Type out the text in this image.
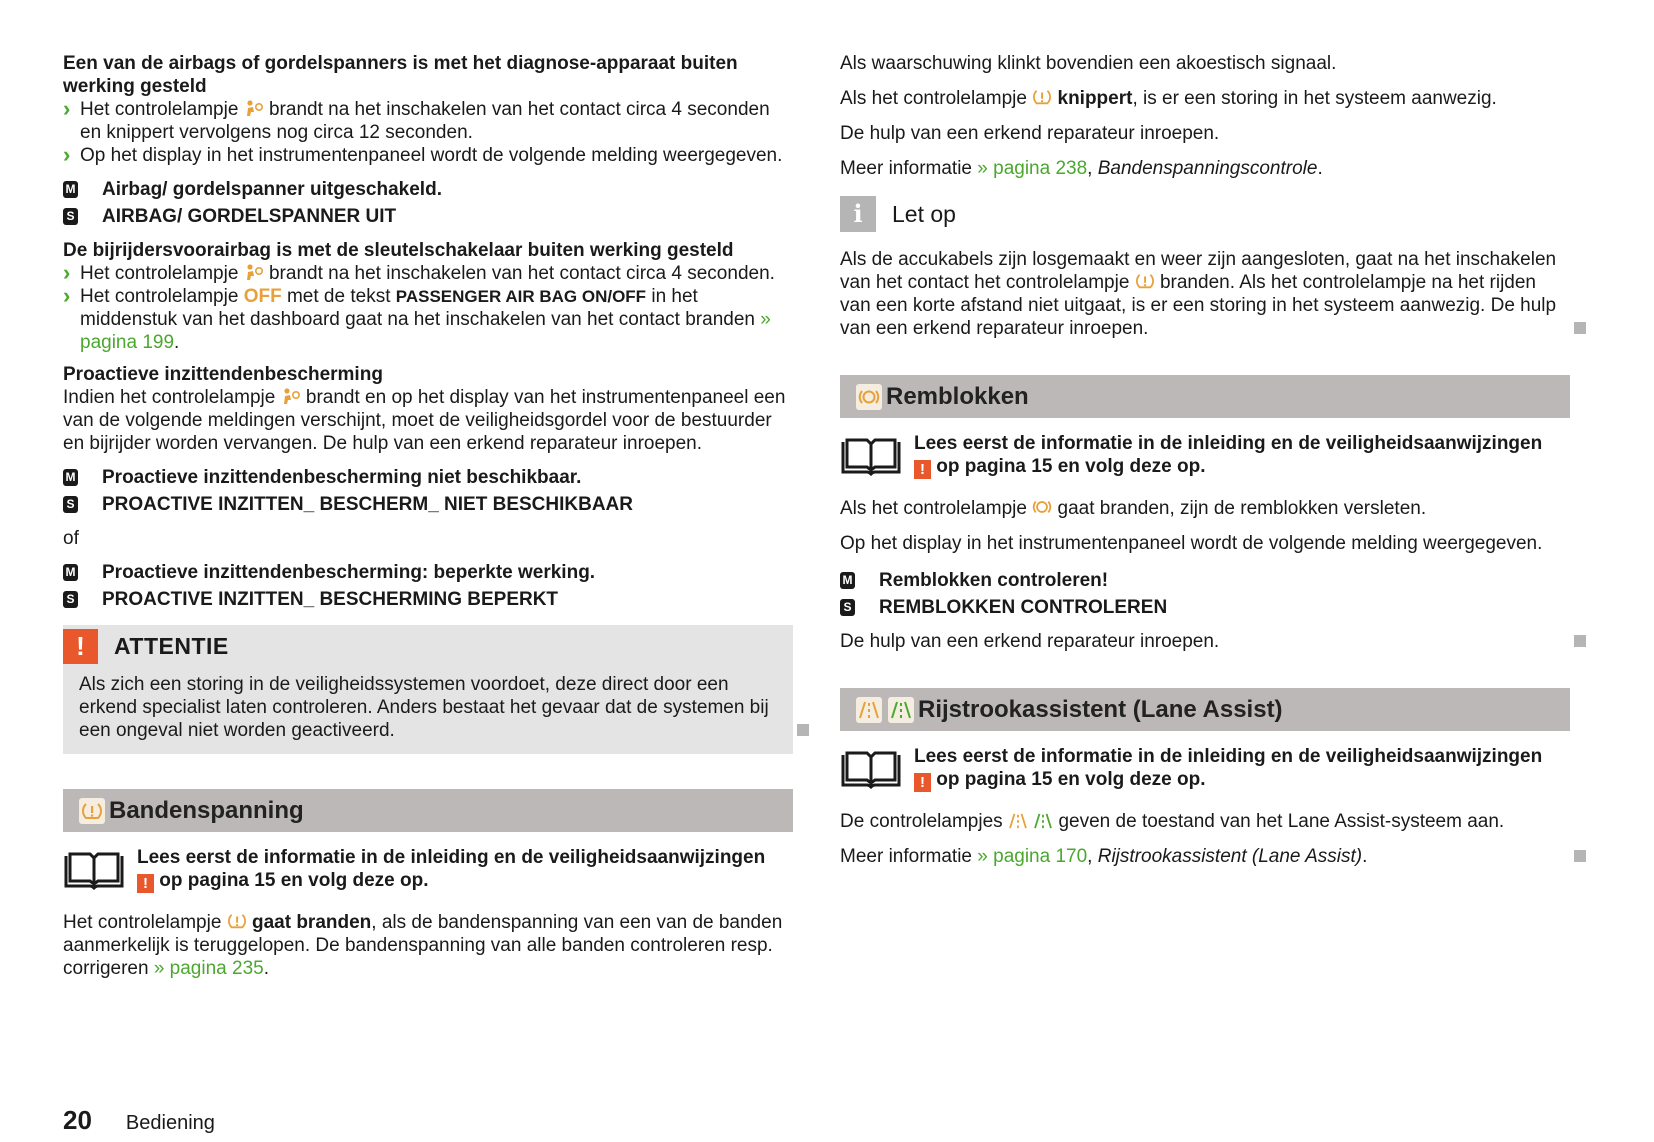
Een van de airbags of gordelspanners is met het diagnose-apparaat buiten werking gesteld

› Het controlelampje brandt na het inschakelen van het contact circa 4 seconden en knippert vervolgens nog circa 12 seconden.

› Op het display in het instrumentenpaneel wordt de volgende melding weergegeven.

M Airbag/ gordelspanner uitgeschakeld.
S AIRBAG/ GORDELSPANNER UIT

De bijrijdersvoorairbag is met de sleutelschakelaar buiten werking gesteld

› Het controlelampje brandt na het inschakelen van het contact circa 4 seconden.

› Het controlelampje OFF met de tekst PASSENGER AIR BAG ON/OFF in het middenstuk van het dashboard gaat na het inschakelen van het contact branden » pagina 199.

Proactieve inzittendenbescherming

Indien het controlelampje brandt en op het display van het instrumentenpaneel een van de volgende meldingen verschijnt, moet de veiligheidsgordel voor de bestuurder en bijrijder worden vervangen. De hulp van een erkend reparateur inroepen.

M Proactieve inzittendenbescherming niet beschikbaar.
S PROACTIVE INZITTEN_ BESCHERM_ NIET BESCHIKBAAR

of

M Proactieve inzittendenbescherming: beperkte werking.
S PROACTIVE INZITTEN_ BESCHERMING BEPERKT
!	ATTENTIE
Als zich een storing in de veiligheidssystemen voordoet, deze direct door een erkend specialist laten controleren. Anders bestaat het gevaar dat de systemen bij een ongeval niet worden geactiveerd.
Bandenspanning
Lees eerst de informatie in de inleiding en de veiligheidsaanwijzingen
! op pagina 15 en volg deze op.

Het controlelampje gaat branden, als de bandenspanning van een van de banden aanmerkelijk is teruggelopen. De bandenspanning van alle banden controleren resp. corrigeren » pagina 235.

Als waarschuwing klinkt bovendien een akoestisch signaal.

Als het controlelampje knippert, is er een storing in het systeem aanwezig.

De hulp van een erkend reparateur inroepen.

Meer informatie » pagina 238, Bandenspanningscontrole.

i	Let op

Als de accukabels zijn losgemaakt en weer zijn aangesloten, gaat na het inschakelen van het contact het controlelampje branden. Als het controlelampje na het rijden van een korte afstand niet uitgaat, is er een storing in het systeem aanwezig. De hulp van een erkend reparateur inroepen.

Remblokken
Lees eerst de informatie in de inleiding en de veiligheidsaanwijzingen
! op pagina 15 en volg deze op.

Als het controlelampje gaat branden, zijn de remblokken versleten.

Op het display in het instrumentenpaneel wordt de volgende melding weergegeven.

M Remblokken controleren!
S REMBLOKKEN CONTROLEREN

De hulp van een erkend reparateur inroepen.

Rijstrookassistent (Lane Assist)
Lees eerst de informatie in de inleiding en de veiligheidsaanwijzingen
! op pagina 15 en volg deze op.

De controlelampjes	geven de toestand van het Lane Assist-systeem aan.

Meer informatie » pagina 170, Rijstrookassistent (Lane Assist).

20 Bediening
